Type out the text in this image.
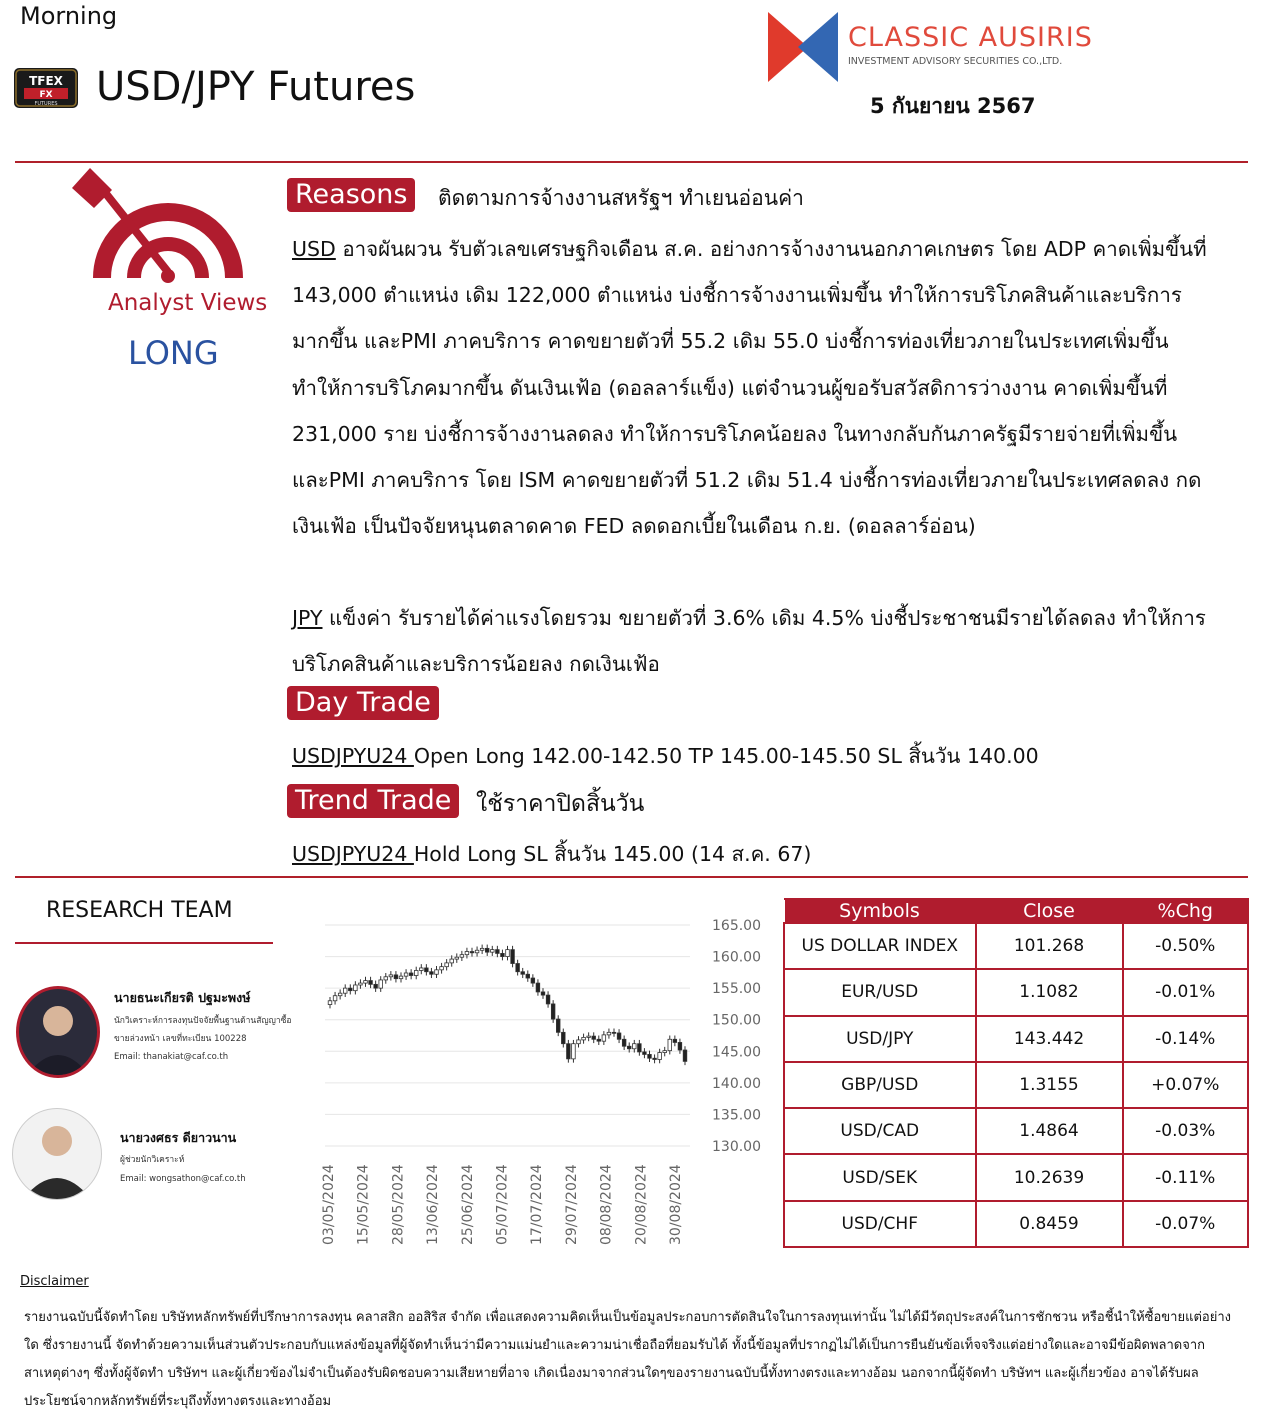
Morning
TFEX
FX
FUTURES USD/JPY Futures
CLASSIC AUSIRIS
INVESTMENT ADVISORY SECURITIES CO.,LTD.
5 กันยายน 2567
Analyst Views
LONG
Reasons	ติดตามการจ้างงานสหรัฐฯ ทำเยนอ่อนค่า
USD อาจผันผวน รับตัวเลขเศรษฐกิจเดือน ส.ค. อย่างการจ้างงานนอกภาคเกษตร โดย ADP คาดเพิ่มขึ้นที่ 143,000 ตำแหน่ง เดิม 122,000 ตำแหน่ง บ่งชี้การจ้างงานเพิ่มขึ้น ทำให้การบริโภคสินค้าและบริการมากขึ้น และPMI ภาคบริการ คาดขยายตัวที่ 55.2 เดิม 55.0 บ่งชี้การท่องเที่ยวภายในประเทศเพิ่มขึ้น ทำให้การบริโภคมากขึ้น ดันเงินเฟ้อ (ดอลลาร์แข็ง) แต่จำนวนผู้ขอรับสวัสดิการว่างงาน คาดเพิ่มขึ้นที่ 231,000 ราย บ่งชี้การจ้างงานลดลง ทำให้การบริโภคน้อยลง ในทางกลับกันภาครัฐมีรายจ่ายที่เพิ่มขึ้น และPMI ภาคบริการ โดย ISM คาดขยายตัวที่ 51.2 เดิม 51.4 บ่งชี้การท่องเที่ยวภายในประเทศลดลง กดเงินเฟ้อ เป็นปัจจัยหนุนตลาดคาด FED ลดดอกเบี้ยในเดือน ก.ย. (ดอลลาร์อ่อน)
JPY แข็งค่า รับรายได้ค่าแรงโดยรวม ขยายตัวที่ 3.6% เดิม 4.5% บ่งชี้ประชาชนมีรายได้ลดลง ทำให้การบริโภคสินค้าและบริการน้อยลง กดเงินเฟ้อ
Day Trade
USDJPYU24 Open Long 142.00-142.50 TP 145.00-145.50 SL สิ้นวัน 140.00
Trend Trade	ใช้ราคาปิดสิ้นวัน
USDJPYU24 Hold Long SL สิ้นวัน 145.00 (14 ส.ค. 67)
RESEARCH TEAM
นายธนะเกียรติ ปฐมะพงษ์
นักวิเคราะห์การลงทุนปัจจัยพื้นฐานด้านสัญญาซื้อขายล่วงหน้า เลขที่ทะเบียน 100228
Email: thanakiat@caf.co.th
นายวงศธร ดียาวนาน
ผู้ช่วยนักวิเคราะห์
Email: wongsathon@caf.co.th
165.00
160.00
155.00
150.00
145.00
140.00
135.00
130.00
03/05/2024 15/05/2024 28/05/2024 13/06/2024 25/06/2024 05/07/2024 17/07/2024 29/07/2024 08/08/2024 20/08/2024 30/08/2024
Symbols	Close	%Chg
US DOLLAR INDEX	101.268	-0.50%
EUR/USD	1.1082	-0.01%
USD/JPY	143.442	-0.14%
GBP/USD	1.3155	+0.07%
USD/CAD	1.4864	-0.03%
USD/SEK	10.2639	-0.11%
USD/CHF	0.8459	-0.07%
Disclaimer
รายงานฉบับนี้จัดทำโดย บริษัทหลักทรัพย์ที่ปรึกษาการลงทุน คลาสสิก ออสิริส จำกัด เพื่อแสดงความคิดเห็นเป็นข้อมูลประกอบการตัดสินใจในการลงทุนเท่านั้น ไม่ได้มีวัตถุประสงค์ในการชักชวน หรือชี้นำให้ซื้อขายแต่อย่างใด ซึ่งรายงานนี้ จัดทำด้วยความเห็นส่วนตัวประกอบกับแหล่งข้อมูลที่ผู้จัดทำเห็นว่ามีความแม่นยำและความน่าเชื่อถือที่ยอมรับได้ ทั้งนี้ข้อมูลที่ปรากฏไม่ได้เป็นการยืนยันข้อเท็จจริงแต่อย่างใดและอาจมีข้อผิดพลาดจากสาเหตุต่างๆ ซึ่งทั้งผู้จัดทำ บริษัทฯ และผู้เกี่ยวข้องไม่จำเป็นต้องรับผิดชอบความเสียหายที่อาจ เกิดเนื่องมาจากส่วนใดๆของรายงานฉบับนี้ทั้งทางตรงและทางอ้อม นอกจากนี้ผู้จัดทำ บริษัทฯ และผู้เกี่ยวข้อง อาจได้รับผลประโยชน์จากหลักทรัพย์ที่ระบุถึงทั้งทางตรงและทางอ้อม
